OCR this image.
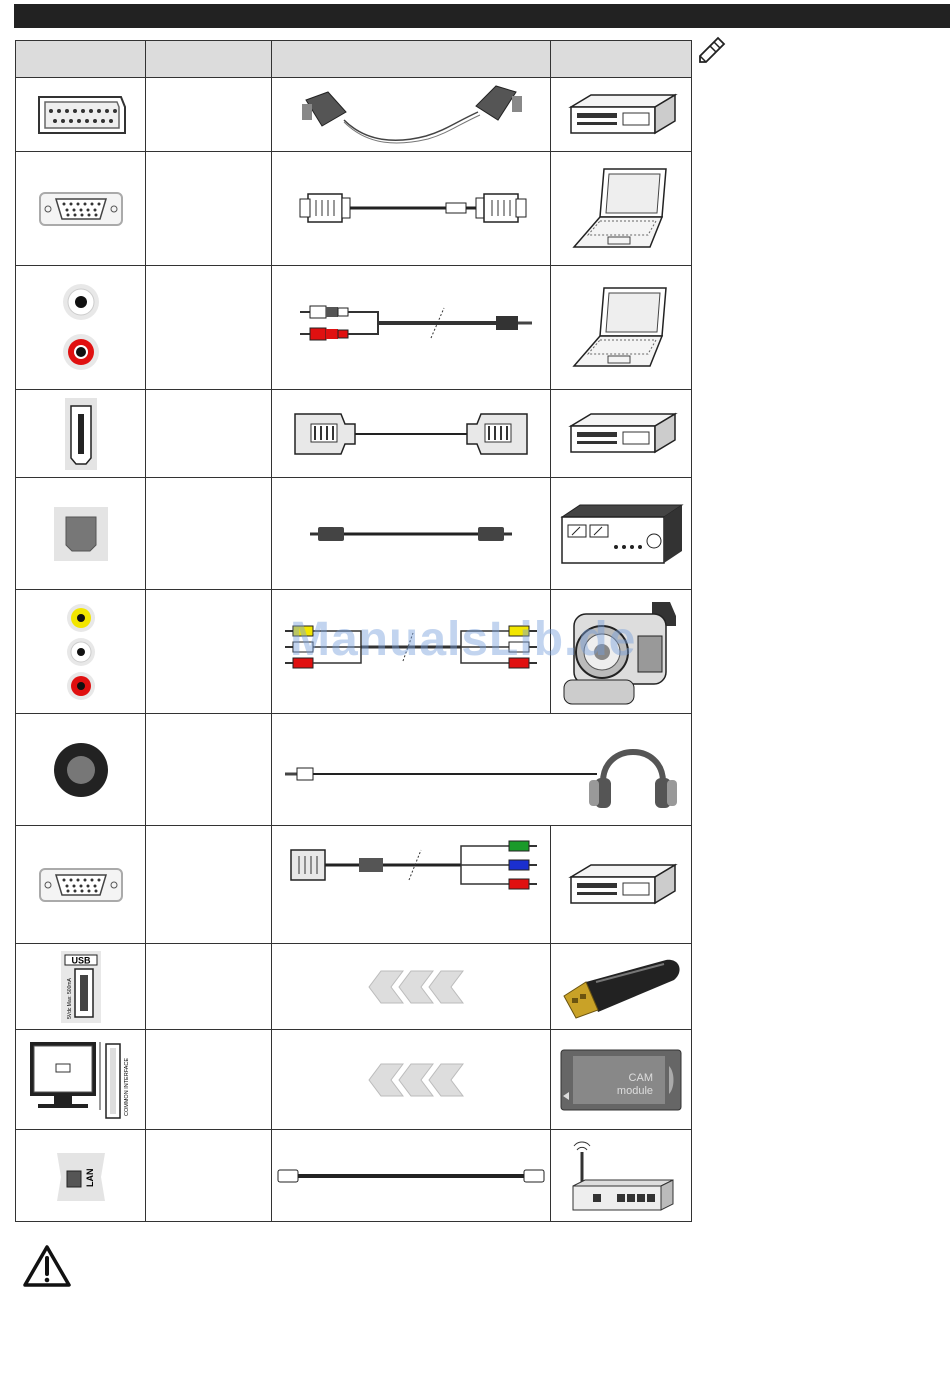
USB
5Vdc Max: 500mA

COMMON INTERFACE			CAM
module

LAN

ManualsLib.de
